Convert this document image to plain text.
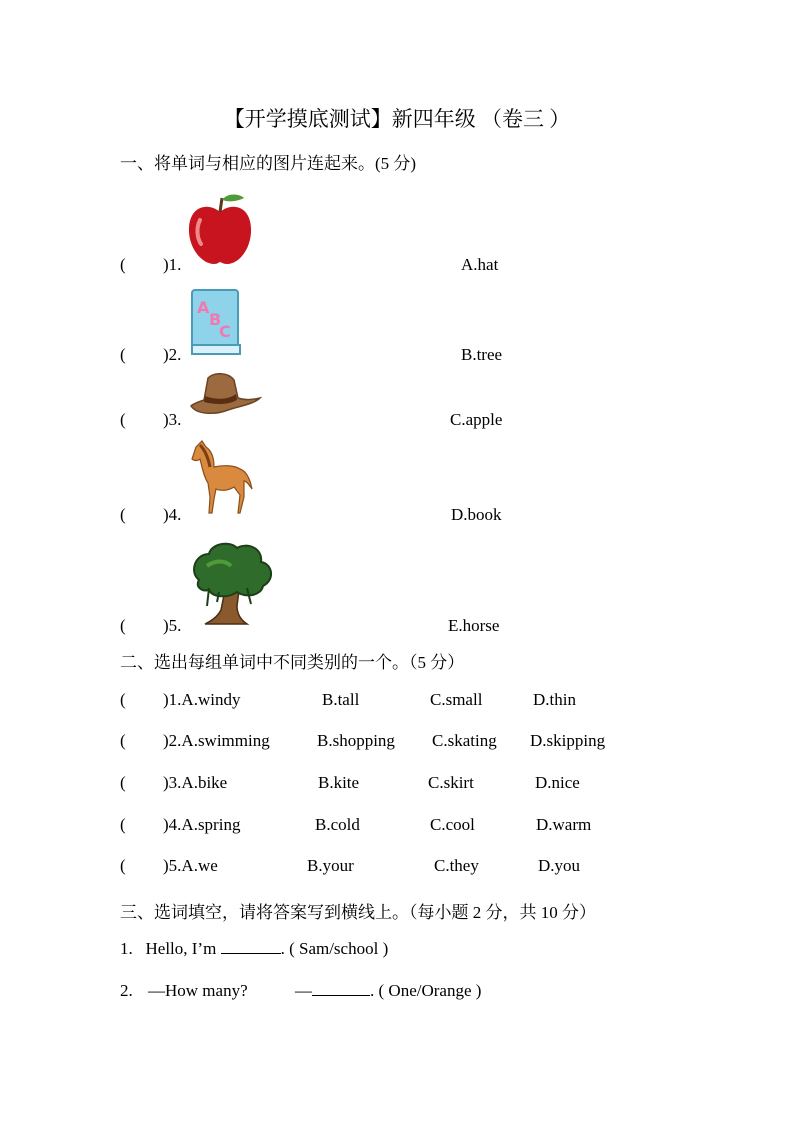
【开学摸底测试】新四年级 （卷三 ）
一、将单词与相应的图片连起来。(5 分)
A
B
C
( )1.	A.hat
( )2.	B.tree
( )3.	C.apple
( )4.	D.book
( )5.	E.horse
二、选出每组单词中不同类别的一个。（5 分）
( )1.A.windy	B.tall	C.small	D.thin
( )2.A.swimming	B.shopping C.skating D.skipping
( )3.A.bike	B.kite	C.skirt	D.nice
( )4.A.spring	B.cold	C.cool	D.warm
( )5.A.we	B.your	C.they	D.you
三、选词填空，请将答案写到横线上。（每小题 2 分，共 10 分）
1. Hello, I’m	. ( Sam/school )
2. —How many?	—	. ( One/Orange )
